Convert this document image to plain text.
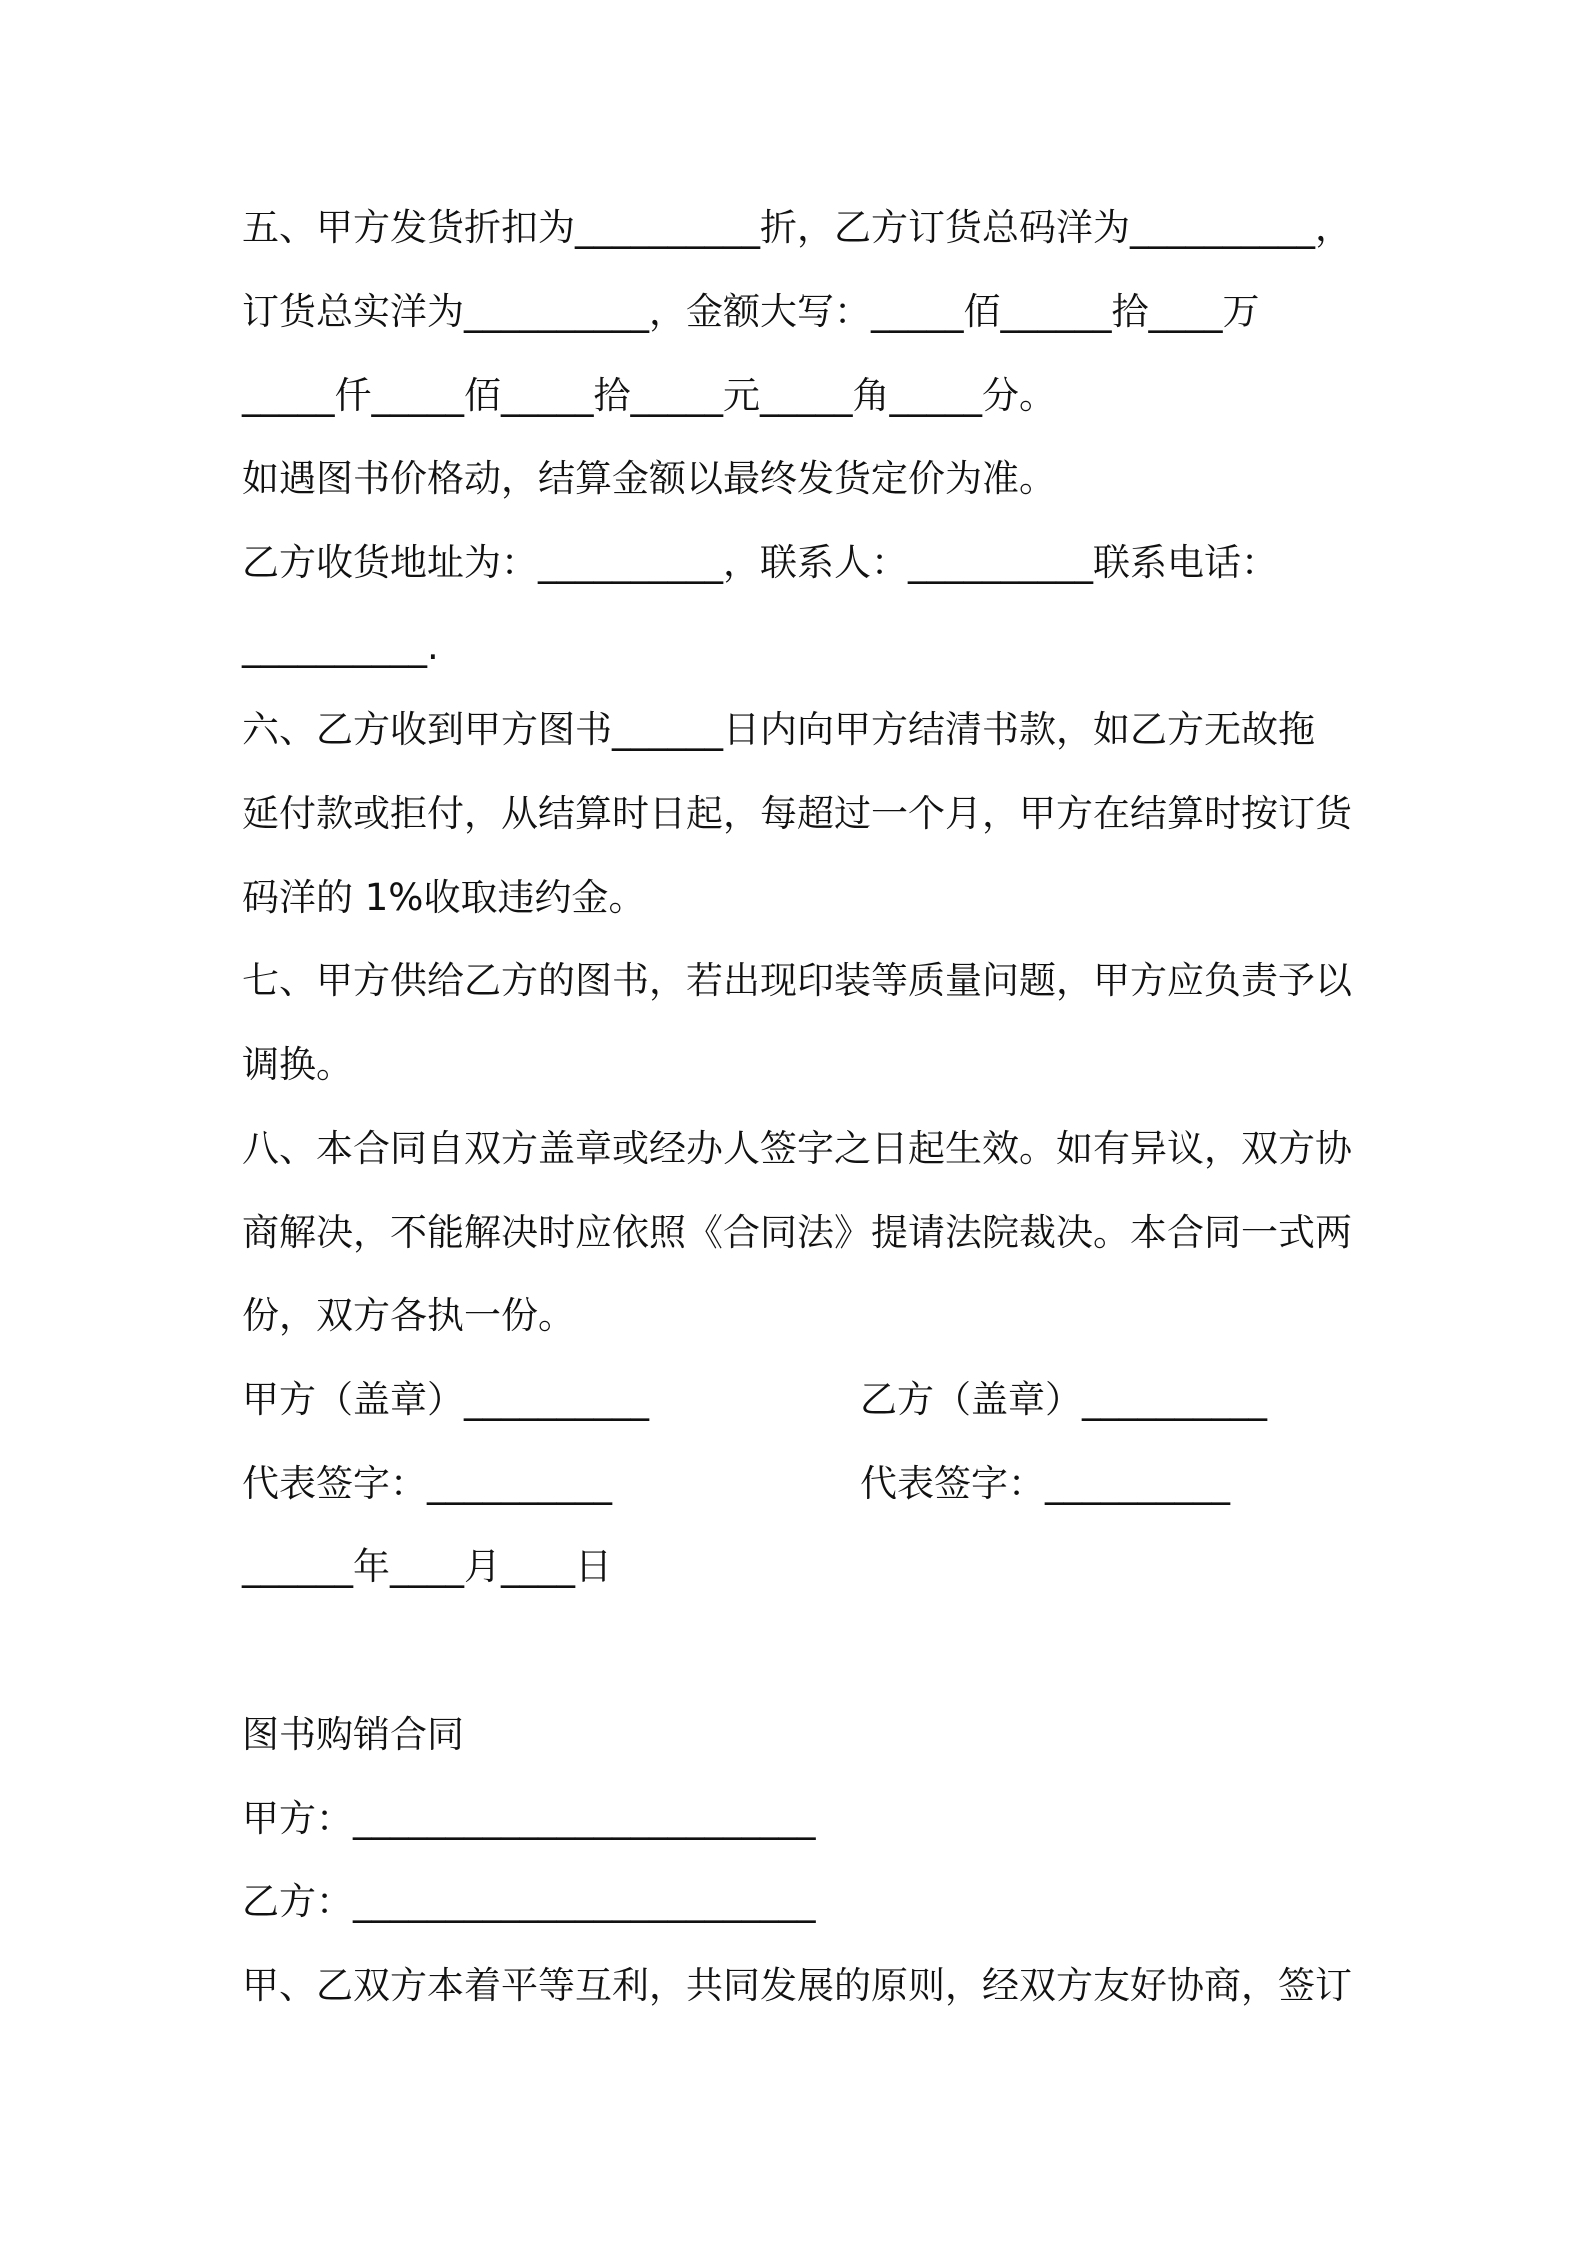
五、甲方发货折扣为__________折，乙方订货总码洋为__________，
订货总实洋为__________，金额大写：_____佰______拾____万
_____仟_____佰_____拾_____元_____角_____分。
如遇图书价格动，结算金额以最终发货定价为准。
乙方收货地址为：__________，联系人：__________联系电话：
__________.
六、乙方收到甲方图书______日内向甲方结清书款，如乙方无故拖
延付款或拒付，从结算时日起，每超过一个月，甲方在结算时按订货
码洋的 1%收取违约金。
七、甲方供给乙方的图书，若出现印装等质量问题，甲方应负责予以
调换。
八、本合同自双方盖章或经办人签字之日起生效。如有异议，双方协
商解决，不能解决时应依照《合同法》提请法院裁决。本合同一式两
份，双方各执一份。
甲方（盖章）__________	乙方（盖章）__________
代表签字：__________	代表签字：__________
______年____月____日
图书购销合同
甲方：_________________________
乙方：_________________________
甲、乙双方本着平等互利，共同发展的原则，经双方友好协商，签订
